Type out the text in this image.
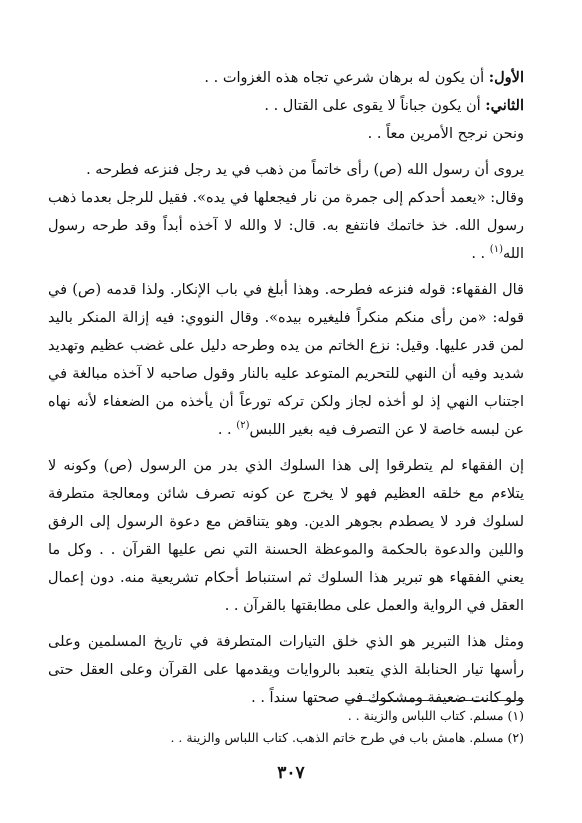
الأول: أن يكون له برهان شرعي تجاه هذه الغزوات . .

الثاني: أن يكون جباناً لا يقوى على القتال . .

ونحن نرجح الأمرين معاً . .

يروى أن رسول الله (ص) رأى خاتماً من ذهب في يد رجل فنزعه فطرحه .

وقال: «يعمد أحدكم إلى جمرة من نار فيجعلها في يده». فقيل للرجل بعدما ذهب رسول الله. خذ خاتمك فانتفع به. قال: لا والله لا آخذه أبداً وقد طرحه رسول الله$^{(١)}$ . .

قال الفقهاء: قوله فنزعه فطرحه. وهذا أبلغ في باب الإنكار. ولذا قدمه (ص) في قوله: «من رأى منكم منكراً فليغيره بيده». وقال النووي: فيه إزالة المنكر باليد لمن قدر عليها. وقيل: نزع الخاتم من يده وطرحه دليل على غضب عظيم وتهديد شديد وفيه أن النهي للتحريم المتوعد عليه بالنار وقول صاحبه لا آخذه مبالغة في اجتناب النهي إذ لو أخذه لجاز ولكن تركه تورعاً أن يأخذه من الضعفاء لأنه نهاه عن لبسه خاصة لا عن التصرف فيه بغير اللبس$^{(٢)}$ . .

إن الفقهاء لم يتطرقوا إلى هذا السلوك الذي بدر من الرسول (ص) وكونه لا يتلاءم مع خلقه العظيم فهو لا يخرج عن كونه تصرف شائن ومعالجة متطرفة لسلوك فرد لا يصطدم بجوهر الدين. وهو يتناقض مع دعوة الرسول إلى الرفق واللين والدعوة بالحكمة والموعظة الحسنة التي نص عليها القرآن . . وكل ما يعني الفقهاء هو تبرير هذا السلوك ثم استنباط أحكام تشريعية منه. دون إعمال العقل في الرواية والعمل على مطابقتها بالقرآن . .

ومثل هذا التبرير هو الذي خلق التيارات المتطرفة في تاريخ المسلمين وعلى رأسها تيار الحنابلة الذي يتعبد بالروايات ويقدمها على القرآن وعلى العقل حتى ولو كانت ضعيفة ومشكوك في صحتها سنداً . .

(١) مسلم. كتاب اللباس والزينة . .
(٢) مسلم. هامش باب في طرح خاتم الذهب. كتاب اللباس والزينة . .
٣٠٧
